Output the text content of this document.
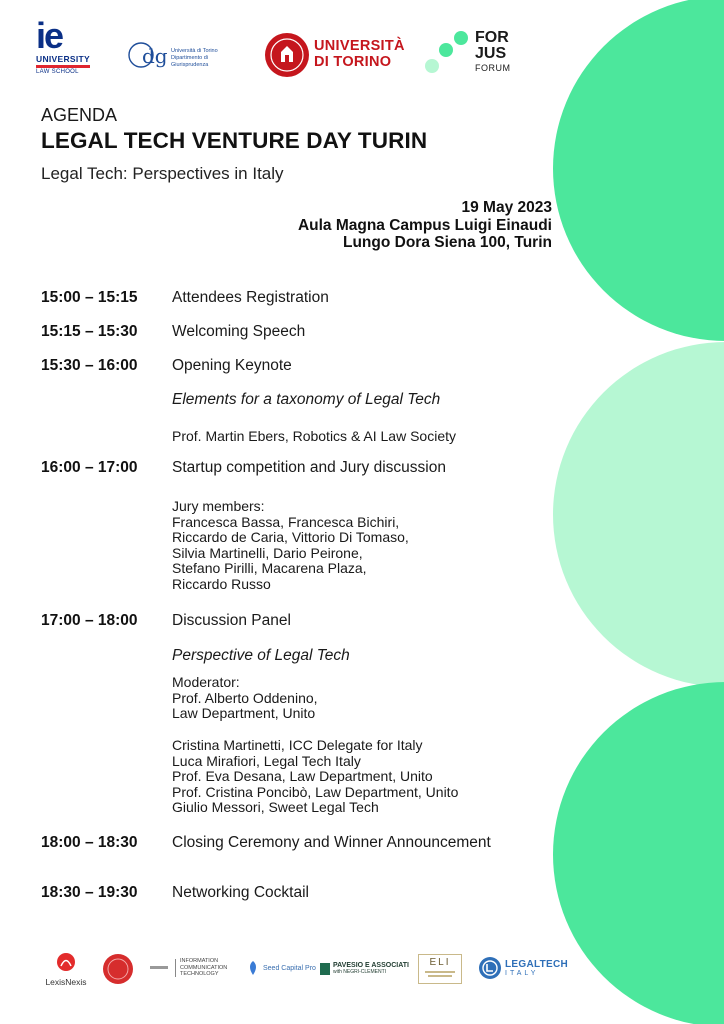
ie
UNIVERSITY
LAW SCHOOL
dg Università di Torino
Dipartimento di Giurisprudenza
UNIVERSITÀ
DI TORINO
FOR
JUS
FORUM
AGENDA
LEGAL TECH VENTURE DAY TURIN
Legal Tech: Perspectives in Italy
19 May 2023
Aula Magna Campus Luigi Einaudi
Lungo Dora Siena 100, Turin
15:00 – 15:15 Attendees Registration
15:15 – 15:30 Welcoming Speech
15:30 – 16:00 Opening Keynote
Elements for a taxonomy of Legal Tech
Prof. Martin Ebers, Robotics & AI Law Society
16:00 – 17:00 Startup competition and Jury discussion
Jury members:
Francesca Bassa, Francesca Bichiri,
Riccardo de Caria, Vittorio Di Tomaso,
Silvia Martinelli, Dario Peirone,
Stefano Pirilli, Macarena Plaza,
Riccardo Russo
17:00 – 18:00 Discussion Panel
Perspective of Legal Tech
Moderator:
Prof. Alberto Oddenino,
Law Department, Unito
Cristina Martinetti, ICC Delegate for Italy
Luca Mirafiori, Legal Tech Italy
Prof. Eva Desana, Law Department, Unito
Prof. Cristina Poncibò, Law Department, Unito
Giulio Messori, Sweet Legal Tech
18:00 – 18:30 Closing Ceremony and Winner Announcement
18:30 – 19:30 Networking Cocktail
LexisNexis
INFORMATION
COMMUNICATION
TECHNOLOGY
Seed Capital Pro PAVESIO E ASSOCIATI
with NEGRI-CLEMENTI
ELI	LEGALTECH
ITALY
